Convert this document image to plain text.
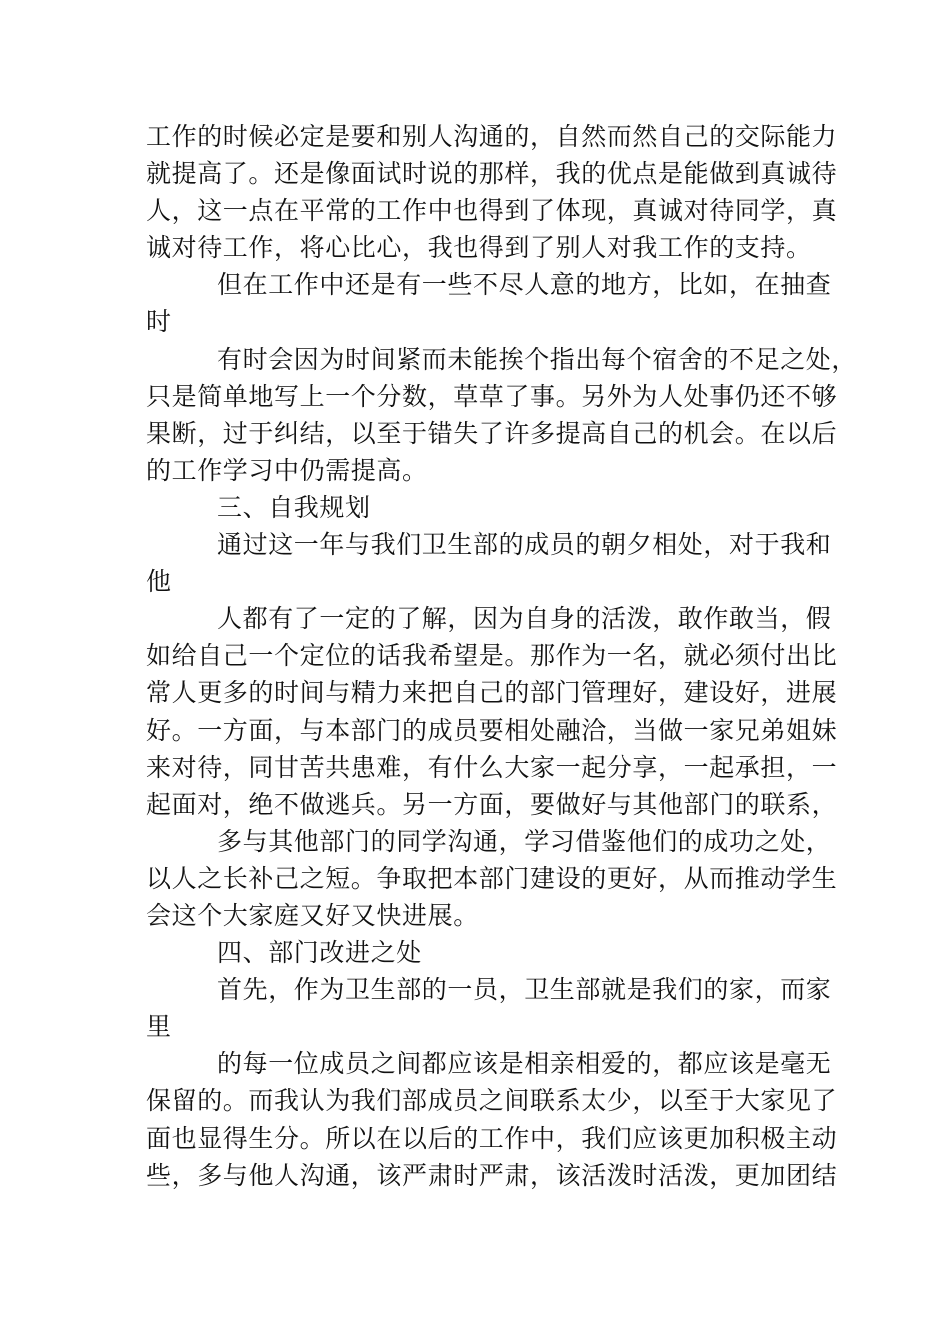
工作的时候必定是要和别人沟通的，自然而然自己的交际能力
就提高了。还是像面试时说的那样，我的优点是能做到真诚待
人，这一点在平常的工作中也得到了体现，真诚对待同学，真
诚对待工作，将心比心，我也得到了别人对我工作的支持。
但在工作中还是有一些不尽人意的地方，比如，在抽查
时
有时会因为时间紧而未能挨个指出每个宿舍的不足之处，
只是简单地写上一个分数，草草了事。另外为人处事仍还不够
果断，过于纠结，以至于错失了许多提高自己的机会。在以后
的工作学习中仍需提高。
三、自我规划
通过这一年与我们卫生部的成员的朝夕相处，对于我和
他
人都有了一定的了解，因为自身的活泼，敢作敢当，假
如给自己一个定位的话我希望是。那作为一名，就必须付出比
常人更多的时间与精力来把自己的部门管理好，建设好，进展
好。一方面，与本部门的成员要相处融洽，当做一家兄弟姐妹
来对待，同甘苦共患难，有什么大家一起分享，一起承担，一
起面对，绝不做逃兵。另一方面，要做好与其他部门的联系，
多与其他部门的同学沟通，学习借鉴他们的成功之处，
以人之长补己之短。争取把本部门建设的更好，从而推动学生
会这个大家庭又好又快进展。
四、部门改进之处
首先，作为卫生部的一员，卫生部就是我们的家，而家
里
的每一位成员之间都应该是相亲相爱的，都应该是毫无
保留的。而我认为我们部成员之间联系太少，以至于大家见了
面也显得生分。所以在以后的工作中，我们应该更加积极主动
些，多与他人沟通，该严肃时严肃，该活泼时活泼，更加团结
